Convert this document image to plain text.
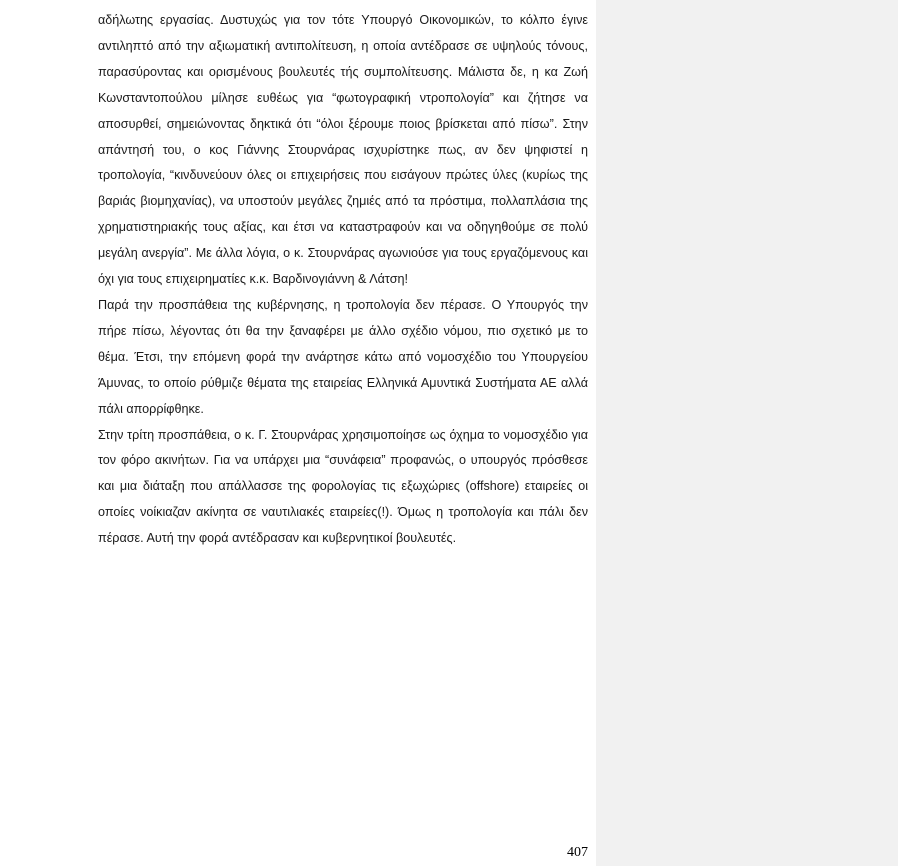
αδήλωτης εργασίας. Δυστυχώς για τον τότε Υπουργό Οικονομικών, το κόλπο έγινε αντιληπτό από την αξιωματική αντιπολίτευση, η οποία αντέδρασε σε υψηλούς τόνους, παρασύροντας και ορισμένους βουλευτές τής συμπολίτευσης. Μάλιστα δε, η κα Ζωή Κωνσταντοπούλου μίλησε ευθέως για “φωτογραφική ντροπολογία” και ζήτησε να αποσυρθεί, σημειώνοντας δηκτικά ότι “όλοι ξέρουμε ποιος βρίσκεται από πίσω”. Στην απάντησή του, ο κος Γιάννης Στουρνάρας ισχυρίστηκε πως, αν δεν ψηφιστεί η τροπολογία, “κινδυνεύουν όλες οι επιχειρήσεις που εισάγουν πρώτες ύλες (κυρίως της βαριάς βιομηχανίας), να υποστούν μεγάλες ζημιές από τα πρόστιμα, πολλαπλάσια της χρηματιστηριακής τους αξίας, και έτσι να καταστραφούν και να οδηγηθούμε σε πολύ μεγάλη ανεργία”. Με άλλα λόγια, ο κ. Στουρνάρας αγωνιούσε για τους εργαζόμενους και όχι για τους επιχειρηματίες κ.κ. Βαρδινογιάννη & Λάτση!

Παρά την προσπάθεια της κυβέρνησης, η τροπολογία δεν πέρασε. Ο Υπουργός την πήρε πίσω, λέγοντας ότι θα την ξαναφέρει με άλλο σχέδιο νόμου, πιο σχετικό με το θέμα. Έτσι, την επόμενη φορά την ανάρτησε κάτω από νομοσχέδιο του Υπουργείου Άμυνας, το οποίο ρύθμιζε θέματα της εταιρείας Ελληνικά Αμυντικά Συστήματα ΑΕ αλλά πάλι απορρίφθηκε.

Στην τρίτη προσπάθεια, ο κ. Γ. Στουρνάρας χρησιμοποίησε ως όχημα το νομοσχέδιο για τον φόρο ακινήτων. Για να υπάρχει μια “συνάφεια” προφανώς, ο υπουργός πρόσθεσε και μια διάταξη που απάλλασσε της φορολογίας τις εξωχώριες (offshore) εταιρείες οι οποίες νοίκιαζαν ακίνητα σε ναυτιλιακές εταιρείες(!). Όμως η τροπολογία και πάλι δεν πέρασε. Αυτή την φορά αντέδρασαν και κυβερνητικοί βουλευτές.

407
